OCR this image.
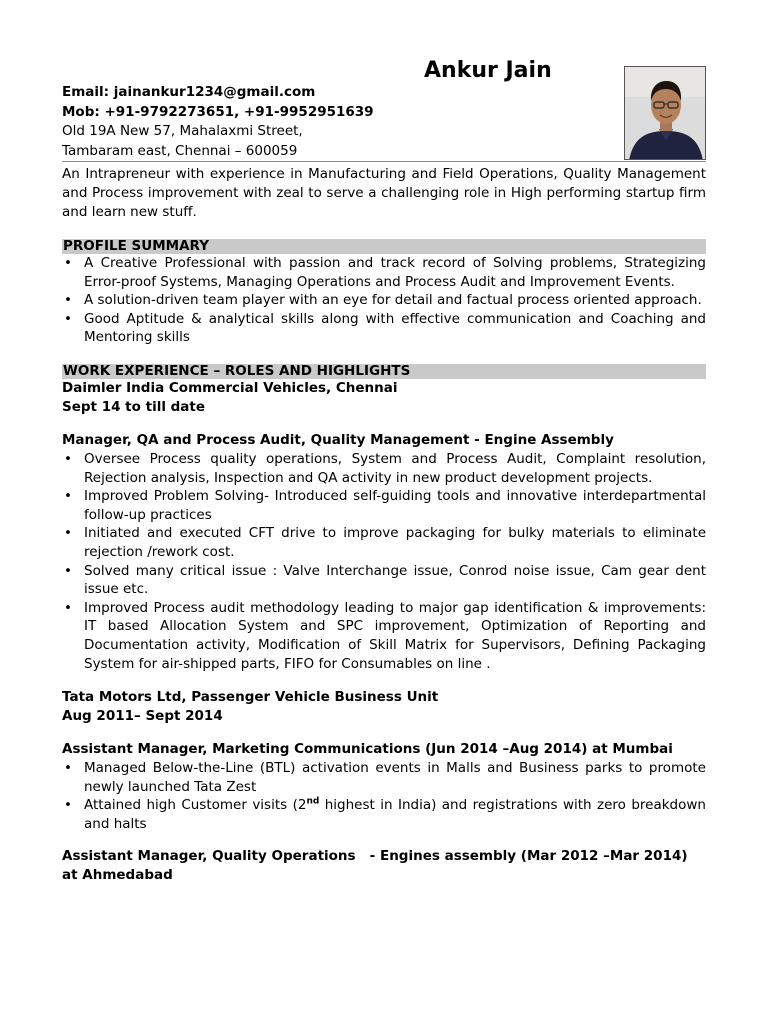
Ankur Jain
Email: jainankur1234@gmail.com
Mob: +91-9792273651, +91-9952951639
Old 19A New 57, Mahalaxmi Street,
Tambaram east, Chennai – 600059
An Intrapreneur with experience in Manufacturing and Field Operations, Quality Management and Process improvement with zeal to serve a challenging role in High performing startup firm and learn new stuff.
PROFILE SUMMARY
• A Creative Professional with passion and track record of Solving problems, Strategizing Error-proof Systems, Managing Operations and Process Audit and Improvement Events.
• A solution-driven team player with an eye for detail and factual process oriented approach.
• Good Aptitude & analytical skills along with effective communication and Coaching and Mentoring skills
WORK EXPERIENCE – ROLES AND HIGHLIGHTS
Daimler India Commercial Vehicles, Chennai
Sept 14 to till date
Manager, QA and Process Audit, Quality Management - Engine Assembly
• Oversee Process quality operations, System and Process Audit, Complaint resolution, Rejection analysis, Inspection and QA activity in new product development projects.
• Improved Problem Solving- Introduced self-guiding tools and innovative interdepartmental follow-up practices
• Initiated and executed CFT drive to improve packaging for bulky materials to eliminate rejection /rework cost.
• Solved many critical issue : Valve Interchange issue, Conrod noise issue, Cam gear dent issue etc.
• Improved Process audit methodology leading to major gap identification & improvements: IT based Allocation System and SPC improvement, Optimization of Reporting and Documentation activity, Modification of Skill Matrix for Supervisors, Defining Packaging System for air-shipped parts, FIFO for Consumables on line .
Tata Motors Ltd, Passenger Vehicle Business Unit
Aug 2011– Sept 2014
Assistant Manager, Marketing Communications (Jun 2014 –Aug 2014) at Mumbai
• Managed Below-the-Line (BTL) activation events in Malls and Business parks to promote newly launched Tata Zest
• Attained high Customer visits (2nd highest in India) and registrations with zero breakdown and halts
Assistant Manager, Quality Operations   - Engines assembly (Mar 2012 –Mar 2014)
at Ahmedabad
